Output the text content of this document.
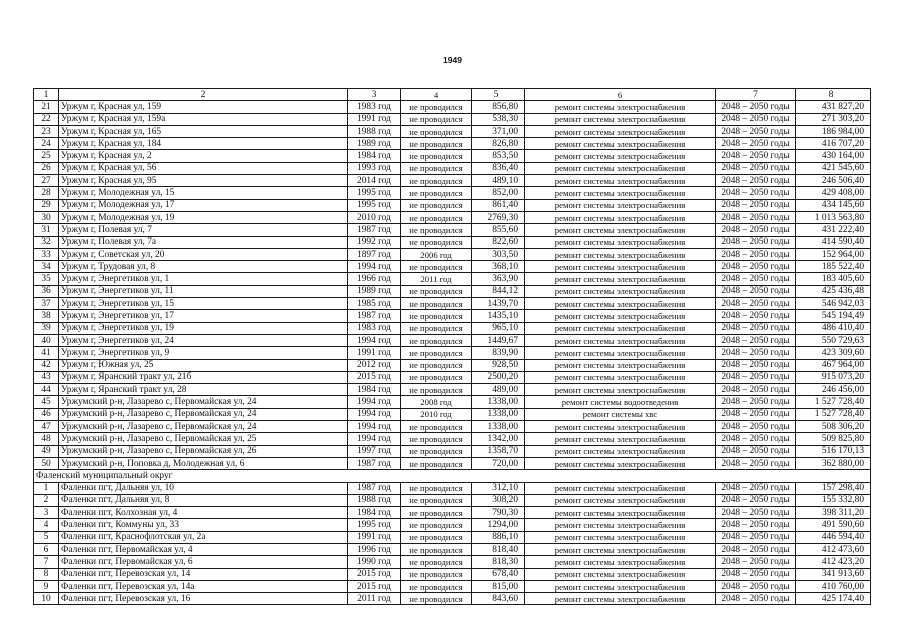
1949
1	2	3	4	5	6	7	8
21	Уржум г, Красная ул, 159	1983 год	не проводился	856,80	ремонт системы электроснабжения	2048 – 2050 годы	431 827,20
22	Уржум г, Красная ул, 159а	1991 год	не проводился	538,30	ремонт системы электроснабжения	2048 – 2050 годы	271 303,20
23	Уржум г, Красная ул, 165	1988 год	не проводился	371,00	ремонт системы электроснабжения	2048 – 2050 годы	186 984,00
24	Уржум г, Красная ул, 184	1989 год	не проводился	826,80	ремонт системы электроснабжения	2048 – 2050 годы	416 707,20
25	Уржум г, Красная ул, 2	1984 год	не проводился	853,50	ремонт системы электроснабжения	2048 – 2050 годы	430 164,00
26	Уржум г, Красная ул, 56	1993 год	не проводился	836,40	ремонт системы электроснабжения	2048 – 2050 годы	421 545,60
27	Уржум г, Красная ул, 95	2014 год	не проводился	489,10	ремонт системы электроснабжения	2048 – 2050 годы	246 506,40
28	Уржум г, Молодежная ул, 15	1995 год	не проводился	852,00	ремонт системы электроснабжения	2048 – 2050 годы	429 408,00
29	Уржум г, Молодежная ул, 17	1995 год	не проводился	861,40	ремонт системы электроснабжения	2048 – 2050 годы	434 145,60
30	Уржум г, Молодежная ул, 19	2010 год	не проводился	2769,30	ремонт системы электроснабжения	2048 – 2050 годы	1 013 563,80
31	Уржум г, Полевая ул, 7	1987 год	не проводился	855,60	ремонт системы электроснабжения	2048 – 2050 годы	431 222,40
32	Уржум г, Полевая ул, 7а	1992 год	не проводился	822,60	ремонт системы электроснабжения	2048 – 2050 годы	414 590,40
33	Уржум г, Советская ул, 20	1897 год	2006 год	303,50	ремонт системы электроснабжения	2048 – 2050 годы	152 964,00
34	Уржум г, Трудовая ул, 8	1994 год	не проводился	368,10	ремонт системы электроснабжения	2048 – 2050 годы	185 522,40
35	Уржум г, Энергетиков ул, 1	1966 год	2011 год	363,90	ремонт системы электроснабжения	2048 – 2050 годы	183 405,60
36	Уржум г, Энергетиков ул, 11	1989 год	не проводился	844,12	ремонт системы электроснабжения	2048 – 2050 годы	425 436,48
37	Уржум г, Энергетиков ул, 15	1985 год	не проводился	1439,70	ремонт системы электроснабжения	2048 – 2050 годы	546 942,03
38	Уржум г, Энергетиков ул, 17	1987 год	не проводился	1435,10	ремонт системы электроснабжения	2048 – 2050 годы	545 194,49
39	Уржум г, Энергетиков ул, 19	1983 год	не проводился	965,10	ремонт системы электроснабжения	2048 – 2050 годы	486 410,40
40	Уржум г, Энергетиков ул, 24	1994 год	не проводился	1449,67	ремонт системы электроснабжения	2048 – 2050 годы	550 729,63
41	Уржум г, Энергетиков ул, 9	1991 год	не проводился	839,90	ремонт системы электроснабжения	2048 – 2050 годы	423 309,60
42	Уржум г, Южная ул, 25	2012 год	не проводился	928,50	ремонт системы электроснабжения	2048 – 2050 годы	467 964,00
43	Уржум г, Яранский тракт ул, 21б	2015 год	не проводился	2500,20	ремонт системы электроснабжения	2048 – 2050 годы	915 073,20
44	Уржум г, Яранский тракт ул, 28	1984 год	не проводился	489,00	ремонт системы электроснабжения	2048 – 2050 годы	246 456,00
45	Уржумский р-н, Лазарево с, Первомайская ул, 24	1994 год	2008 год	1338,00	ремонт системы водоотведения	2048 – 2050 годы	1 527 728,40
46	Уржумский р-н, Лазарево с, Первомайская ул, 24	1994 год	2010 год	1338,00	ремонт системы хвс	2048 – 2050 годы	1 527 728,40
47	Уржумский р-н, Лазарево с, Первомайская ул, 24	1994 год	не проводился	1338,00	ремонт системы электроснабжения	2048 – 2050 годы	508 306,20
48	Уржумский р-н, Лазарево с, Первомайская ул, 25	1994 год	не проводился	1342,00	ремонт системы электроснабжения	2048 – 2050 годы	509 825,80
49	Уржумский р-н, Лазарево с, Первомайская ул, 26	1997 год	не проводился	1358,70	ремонт системы электроснабжения	2048 – 2050 годы	516 170,13
50	Уржумский р-н, Поповка д, Молодежная ул, 6	1987 год	не проводился	720,00	ремонт системы электроснабжения	2048 – 2050 годы	362 880,00
Фаленский муниципальный округ							
1	Фаленки пгт, Дальняя ул, 10	1987 год	не проводился	312,10	ремонт системы электроснабжения	2048 – 2050 годы	157 298,40
2	Фаленки пгт, Дальняя ул, 8	1988 год	не проводился	308,20	ремонт системы электроснабжения	2048 – 2050 годы	155 332,80
3	Фаленки пгт, Колхозная ул, 4	1984 год	не проводился	790,30	ремонт системы электроснабжения	2048 – 2050 годы	398 311,20
4	Фаленки пгт, Коммуны ул, 33	1995 год	не проводился	1294,00	ремонт системы электроснабжения	2048 – 2050 годы	491 590,60
5	Фаленки пгт, Краснофлотская ул, 2а	1991 год	не проводился	886,10	ремонт системы электроснабжения	2048 – 2050 годы	446 594,40
6	Фаленки пгт, Первомайская ул, 4	1996 год	не проводился	818,40	ремонт системы электроснабжения	2048 – 2050 годы	412 473,60
7	Фаленки пгт, Первомайская ул, 6	1990 год	не проводился	818,30	ремонт системы электроснабжения	2048 – 2050 годы	412 423,20
8	Фаленки пгт, Перевозская ул, 14	2015 год	не проводился	678,40	ремонт системы электроснабжения	2048 – 2050 годы	341 913,60
9	Фаленки пгт, Перевозская ул, 14а	2015 год	не проводился	815,00	ремонт системы электроснабжения	2048 – 2050 годы	410 760,00
10	Фаленки пгт, Перевозская ул, 16	2011 год	не проводился	843,60	ремонт системы электроснабжения	2048 – 2050 годы	425 174,40
